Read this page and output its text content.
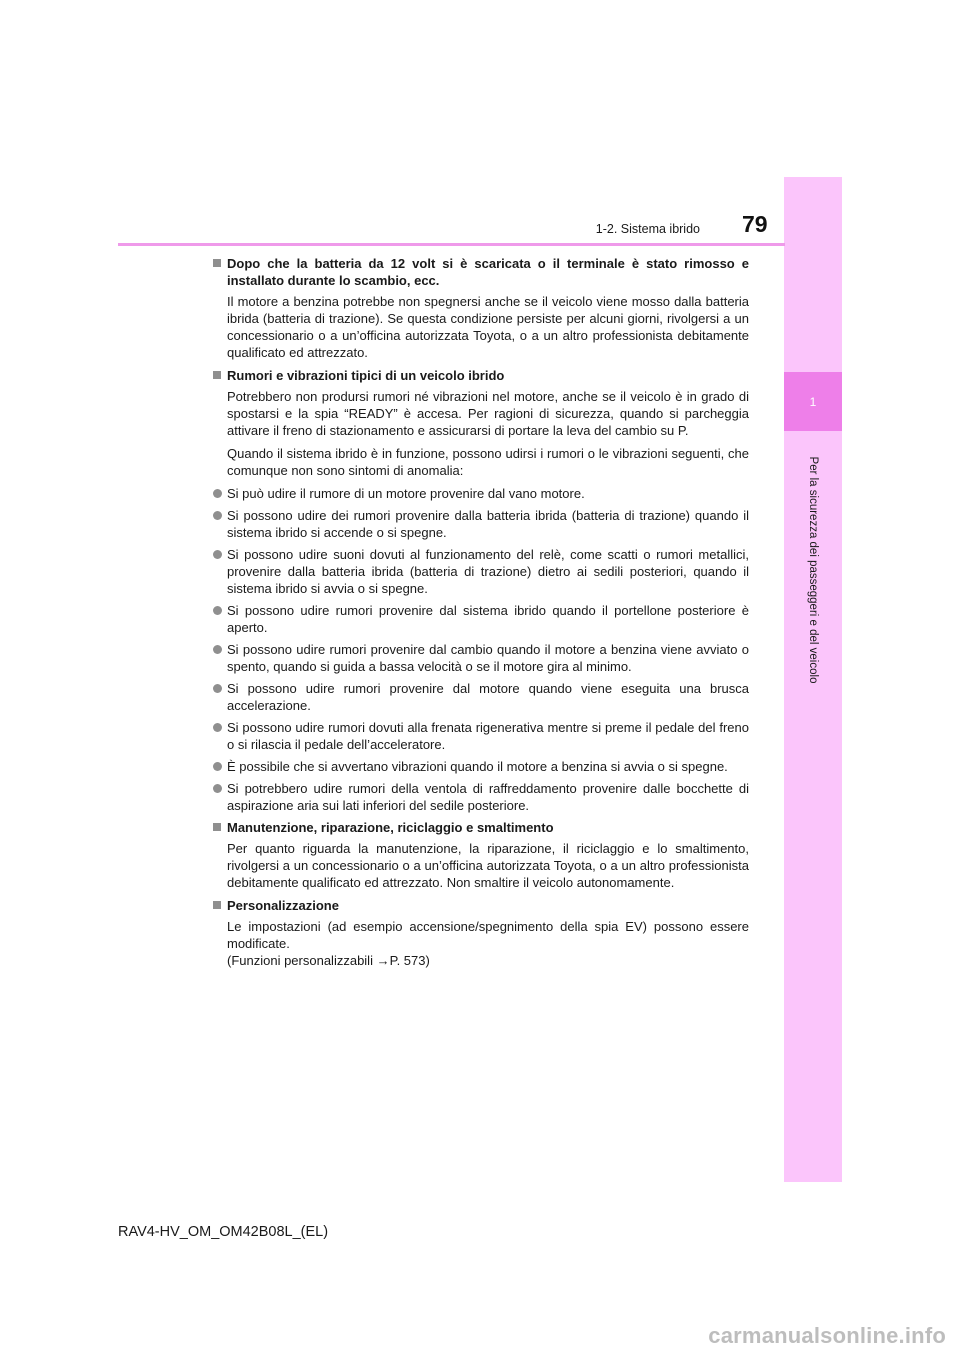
1
Per la sicurezza dei passeggeri e del veicolo
1-2. Sistema ibrido 79
Dopo che la batteria da 12 volt si è scaricata o il terminale è stato rimosso e installato durante lo scambio, ecc.
Il motore a benzina potrebbe non spegnersi anche se il veicolo viene mosso dalla batteria ibrida (batteria di trazione). Se questa condizione persiste per alcuni giorni, rivolgersi a un concessionario o a un’officina autorizzata Toyota, o a un altro professionista debitamente qualificato ed attrezzato.
Rumori e vibrazioni tipici di un veicolo ibrido
Potrebbero non prodursi rumori né vibrazioni nel motore, anche se il veicolo è in grado di spostarsi e la spia “READY” è accesa. Per ragioni di sicurezza, quando si parcheggia attivare il freno di stazionamento e assicurarsi di portare la leva del cambio su P.
Quando il sistema ibrido è in funzione, possono udirsi i rumori o le vibrazioni seguenti, che comunque non sono sintomi di anomalia:
Si può udire il rumore di un motore provenire dal vano motore.
Si possono udire dei rumori provenire dalla batteria ibrida (batteria di trazione) quando il sistema ibrido si accende o si spegne.
Si possono udire suoni dovuti al funzionamento del relè, come scatti o rumori metallici, provenire dalla batteria ibrida (batteria di trazione) dietro ai sedili posteriori, quando il sistema ibrido si avvia o si spegne.
Si possono udire rumori provenire dal sistema ibrido quando il portellone posteriore è aperto.
Si possono udire rumori provenire dal cambio quando il motore a benzina viene avviato o spento, quando si guida a bassa velocità o se il motore gira al minimo.
Si possono udire rumori provenire dal motore quando viene eseguita una brusca accelerazione.
Si possono udire rumori dovuti alla frenata rigenerativa mentre si preme il pedale del freno o si rilascia il pedale dell’acceleratore.
È possibile che si avvertano vibrazioni quando il motore a benzina si avvia o si spegne.
Si potrebbero udire rumori della ventola di raffreddamento provenire dalle bocchette di aspirazione aria sui lati inferiori del sedile posteriore.
Manutenzione, riparazione, riciclaggio e smaltimento
Per quanto riguarda la manutenzione, la riparazione, il riciclaggio e lo smaltimento, rivolgersi a un concessionario o a un’officina autorizzata Toyota, o a un altro professionista debitamente qualificato ed attrezzato. Non smaltire il veicolo autonomamente.
Personalizzazione
Le impostazioni (ad esempio accensione/spegnimento della spia EV) possono essere modificate.
(Funzioni personalizzabili →P. 573)
RAV4-HV_OM_OM42B08L_(EL)
carmanualsonline.info
